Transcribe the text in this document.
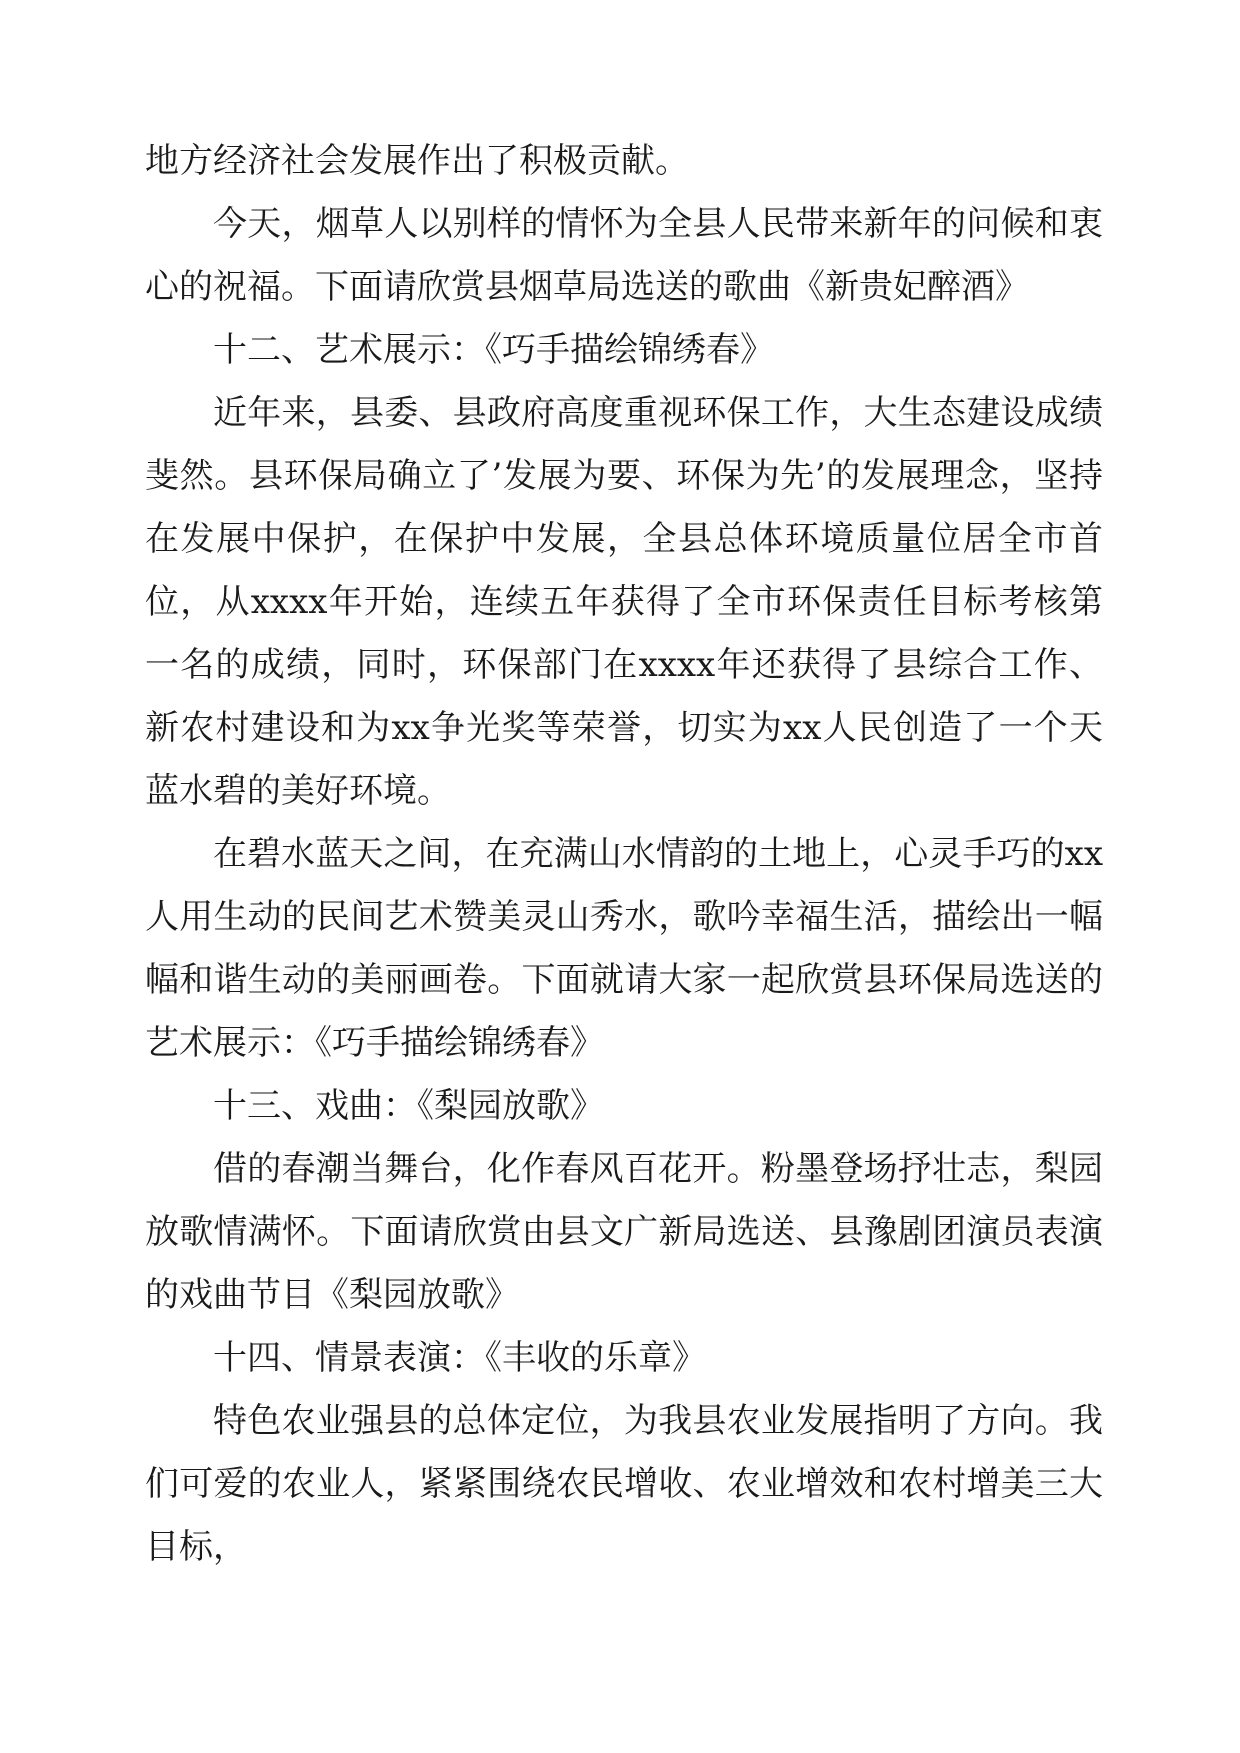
地方经济社会发展作出了积极贡献。

今天，烟草人以别样的情怀为全县人民带来新年的问候和衷心的祝福。下面请欣赏县烟草局选送的歌曲《新贵妃醉酒》

十二、艺术展示：《巧手描绘锦绣春》

近年来，县委、县政府高度重视环保工作，大生态建设成绩斐然。县环保局确立了’发展为要、环保为先’的发展理念，坚持在发展中保护，在保护中发展，全县总体环境质量位居全市首位，从xxxx年开始，连续五年获得了全市环保责任目标考核第一名的成绩，同时，环保部门在xxxx年还获得了县综合工作、新农村建设和为xx争光奖等荣誉，切实为xx人民创造了一个天蓝水碧的美好环境。

在碧水蓝天之间，在充满山水情韵的土地上，心灵手巧的xx人用生动的民间艺术赞美灵山秀水，歌吟幸福生活，描绘出一幅幅和谐生动的美丽画卷。下面就请大家一起欣赏县环保局选送的艺术展示：《巧手描绘锦绣春》

十三、戏曲：《梨园放歌》

借的春潮当舞台，化作春风百花开。粉墨登场抒壮志，梨园放歌情满怀。下面请欣赏由县文广新局选送、县豫剧团演员表演的戏曲节目《梨园放歌》

十四、情景表演：《丰收的乐章》

特色农业强县的总体定位，为我县农业发展指明了方向。我们可爱的农业人，紧紧围绕农民增收、农业增效和农村增美三大目标，
